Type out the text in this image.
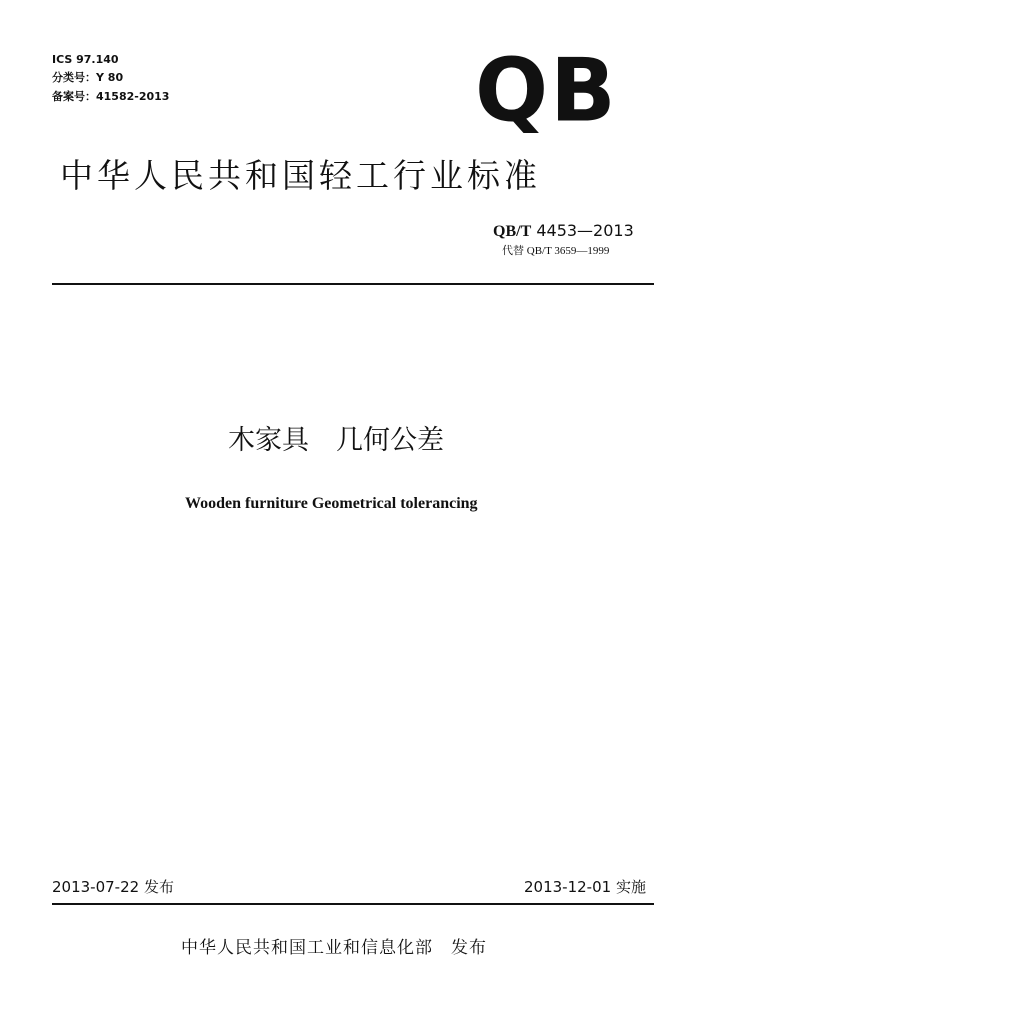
ICS 97.140
分类号：Y 80
备案号：41582-2013	QB
中华人民共和国轻工行业标准
QB/T 4453—2013
代替 QB/T 3659—1999
木家具　几何公差
Wooden furniture Geometrical tolerancing
2013-07-22 发布	2013-12-01 实施
中华人民共和国工业和信息化部　发布
